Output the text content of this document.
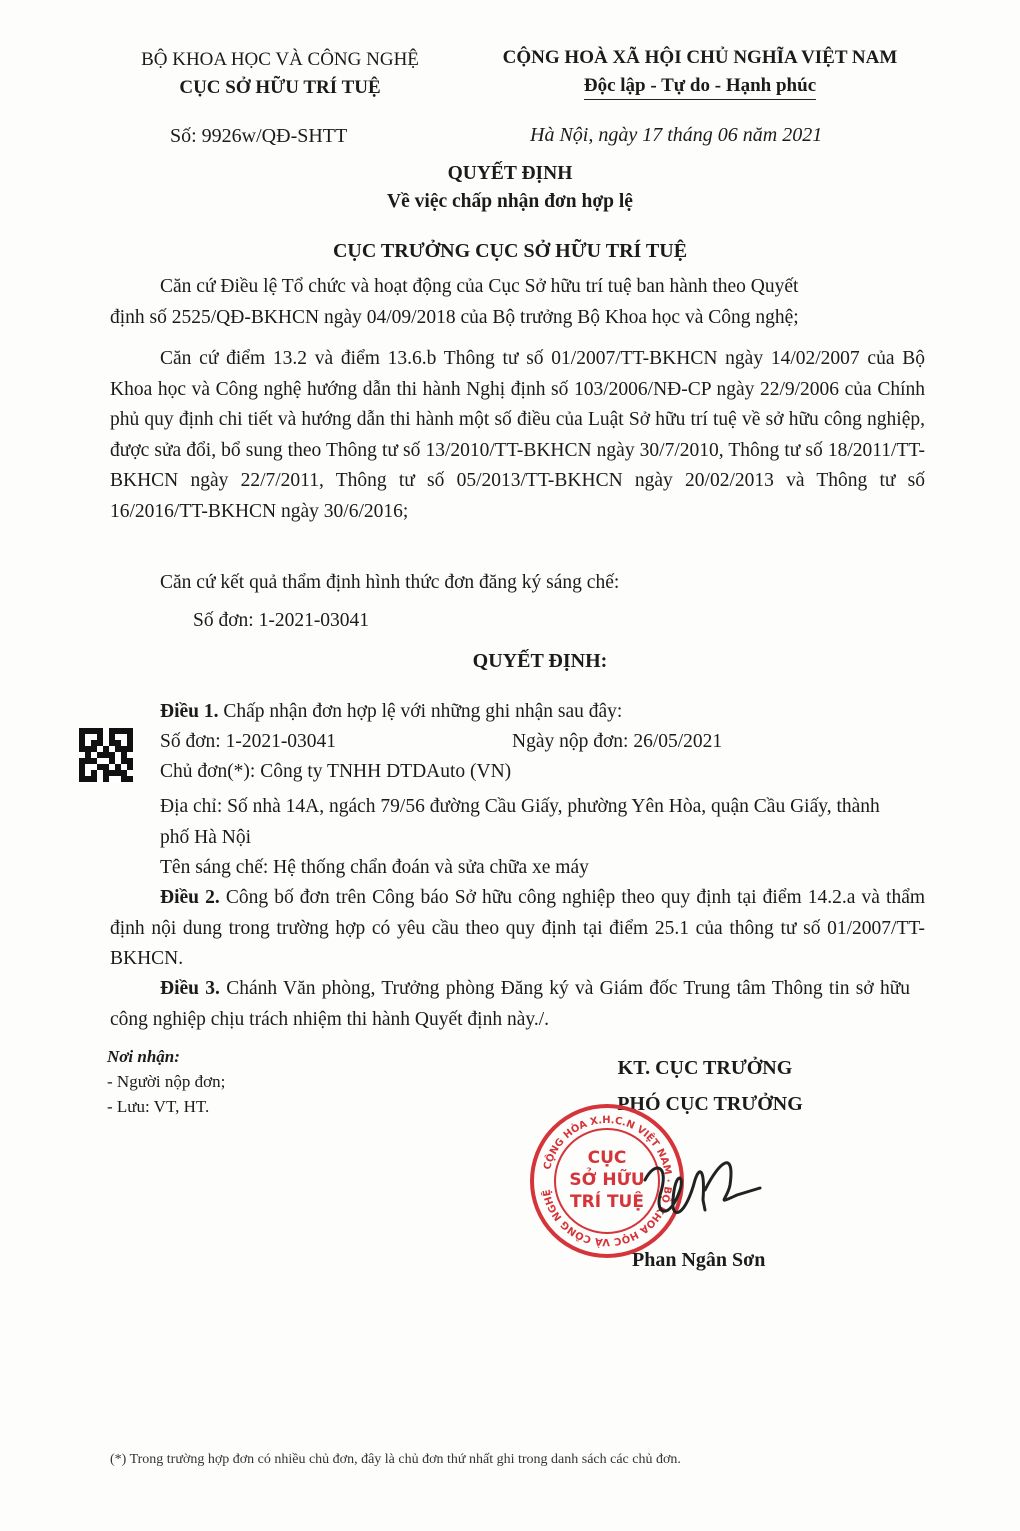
BỘ KHOA HỌC VÀ CÔNG NGHỆ
CỤC SỞ HỮU TRÍ TUỆ
Số: 9926w/QĐ-SHTT
CỘNG HOÀ XÃ HỘI CHỦ NGHĨA VIỆT NAM
Độc lập - Tự do - Hạnh phúc
Hà Nội, ngày 17 tháng 06 năm 2021
QUYẾT ĐỊNH
Về việc chấp nhận đơn hợp lệ
CỤC TRƯỞNG CỤC SỞ HỮU TRÍ TUỆ
Căn cứ Điều lệ Tổ chức và hoạt động của Cục Sở hữu trí tuệ ban hành theo Quyết
định số 2525/QĐ-BKHCN ngày 04/09/2018 của Bộ trưởng Bộ Khoa học và Công nghệ;
Căn cứ điểm 13.2 và điểm 13.6.b Thông tư số 01/2007/TT-BKHCN ngày 14/02/2007 của Bộ Khoa học và Công nghệ hướng dẫn thi hành Nghị định số 103/2006/NĐ-CP ngày 22/9/2006 của Chính phủ quy định chi tiết và hướng dẫn thi hành một số điều của Luật Sở hữu trí tuệ về sở hữu công nghiệp, được sửa đổi, bổ sung theo Thông tư số 13/2010/TT-BKHCN ngày 30/7/2010, Thông tư số 18/2011/TT-BKHCN ngày 22/7/2011, Thông tư số 05/2013/TT-BKHCN ngày 20/02/2013 và Thông tư số 16/2016/TT-BKHCN ngày 30/6/2016;
Căn cứ kết quả thẩm định hình thức đơn đăng ký sáng chế:
Số đơn: 1-2021-03041
QUYẾT ĐỊNH:
Điều 1. Chấp nhận đơn hợp lệ với những ghi nhận sau đây:
Số đơn: 1-2021-03041	Ngày nộp đơn: 26/05/2021
Chủ đơn(*): Công ty TNHH DTDAuto (VN)
Địa chỉ: Số nhà 14A, ngách 79/56 đường Cầu Giấy, phường Yên Hòa, quận Cầu Giấy, thành phố Hà Nội
Tên sáng chế: Hệ thống chẩn đoán và sửa chữa xe máy
Điều 2. Công bố đơn trên Công báo Sở hữu công nghiệp theo quy định tại điểm 14.2.a và thẩm định nội dung trong trường hợp có yêu cầu theo quy định tại điểm 25.1 của thông tư số 01/2007/TT-BKHCN.
Điều 3. Chánh Văn phòng, Trưởng phòng Đăng ký và Giám đốc Trung tâm Thông tin sở hữu công nghiệp chịu trách nhiệm thi hành Quyết định này./.
Nơi nhận:
- Người nộp đơn;
- Lưu: VT, HT.
KT. CỤC TRƯỞNG
PHÓ CỤC TRƯỞNG
CỘNG HÒA X.H.C.N VIỆT NAM · BỘ KHOA HỌC VÀ CÔNG NGHỆ
CỤC
SỞ HỮU
TRÍ TUỆ
Phan Ngân Sơn
(*) Trong trường hợp đơn có nhiều chủ đơn, đây là chủ đơn thứ nhất ghi trong danh sách các chủ đơn.
